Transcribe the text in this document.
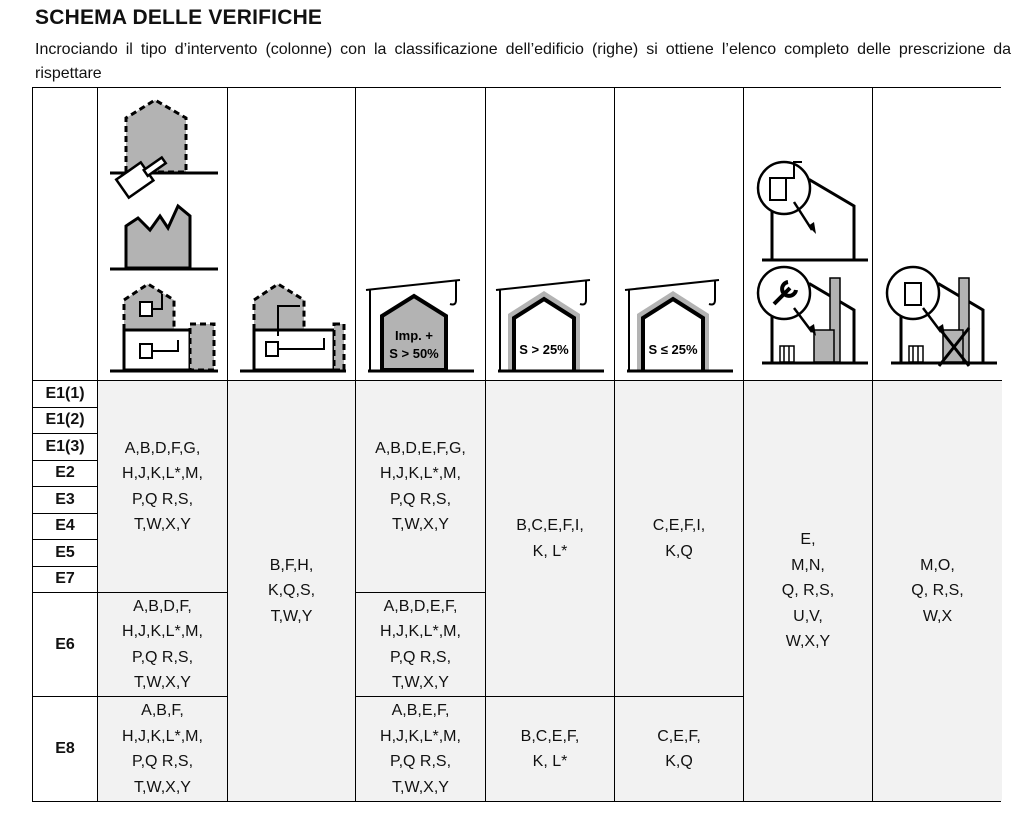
SCHEMA DELLE VERIFICHE

Incrociando il tipo d’intervento (colonne) con la classificazione dell’edificio (righe) si ottiene l’elenco completo delle prescrizione da rispettare

Imp. +
S > 50%	S > 25%	S ≤ 25%
E1(1)
E1(2)
E1(3)
E2
E3
E4
E5
E7
E6
E8
A,B,D,F,G,
H,J,K,L*,M,
P,Q R,S,
T,W,X,Y
A,B,D,F,
H,J,K,L*,M,
P,Q R,S,
T,W,X,Y
A,B,F,
H,J,K,L*,M,
P,Q R,S,
T,W,X,Y
B,F,H,
K,Q,S,
T,W,Y
A,B,D,E,F,G,
H,J,K,L*,M,
P,Q R,S,
T,W,X,Y
A,B,D,E,F,
H,J,K,L*,M,
P,Q R,S,
T,W,X,Y
A,B,E,F,
H,J,K,L*,M,
P,Q R,S,
T,W,X,Y
B,C,E,F,I,
K, L*
B,C,E,F,
K, L*
C,E,F,I,
K,Q
C,E,F,
K,Q
E,
M,N,
Q, R,S,
U,V,
W,X,Y
M,O,
Q, R,S,
W,X
